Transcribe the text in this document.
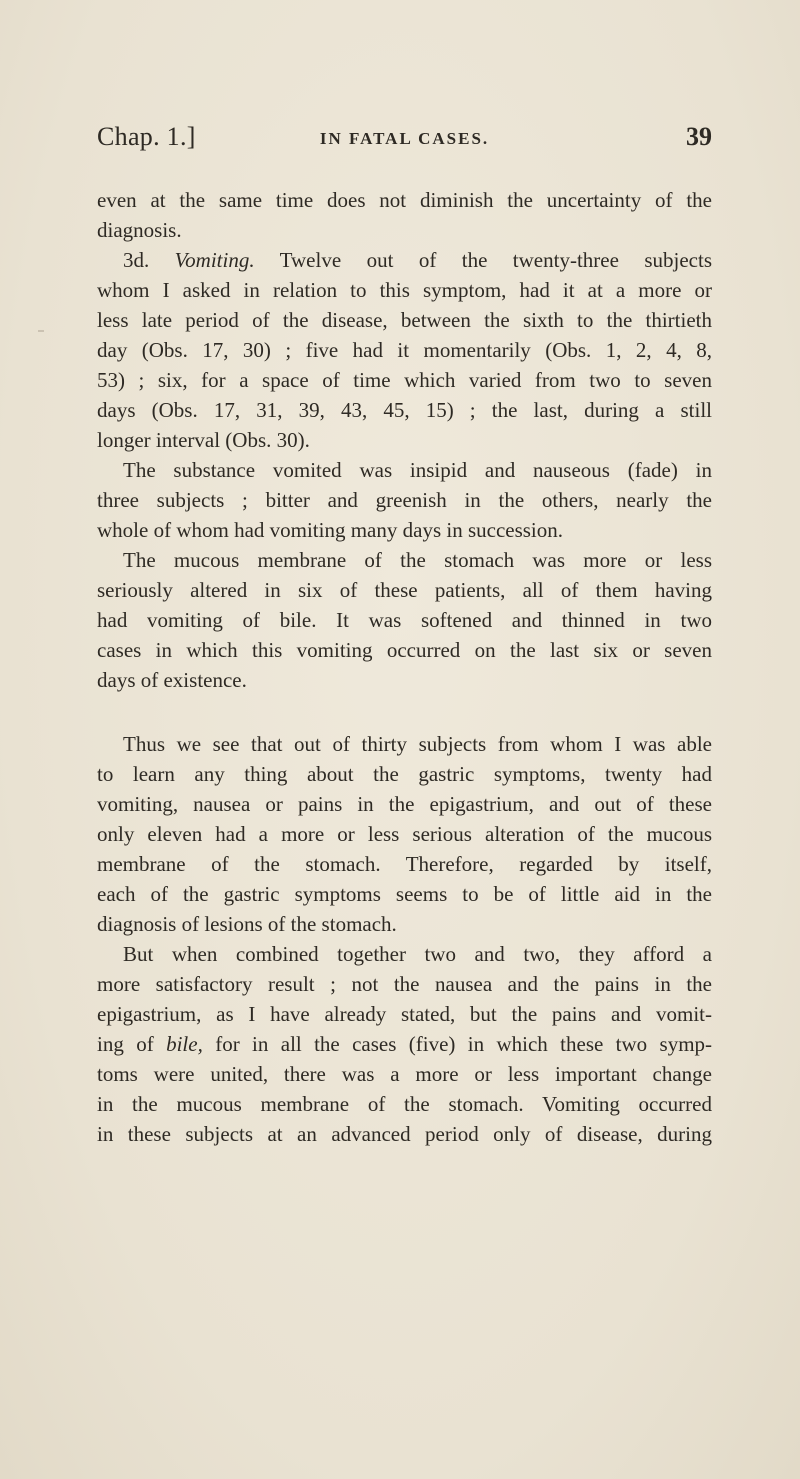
Chap. 1.]	IN FATAL CASES.	39
even at the same time does not diminish the uncertainty of the
diagnosis.
3d. Vomiting. Twelve out of the twenty-three subjects
whom I asked in relation to this symptom, had it at a more or
less late period of the disease, between the sixth to the thirtieth
day (Obs. 17, 30) ; five had it momentarily (Obs. 1, 2, 4, 8,
53) ; six, for a space of time which varied from two to seven
days (Obs. 17, 31, 39, 43, 45, 15) ; the last, during a still
longer interval (Obs. 30).
The substance vomited was insipid and nauseous (fade) in
three subjects ; bitter and greenish in the others, nearly the
whole of whom had vomiting many days in succession.
The mucous membrane of the stomach was more or less
seriously altered in six of these patients, all of them having
had vomiting of bile. It was softened and thinned in two
cases in which this vomiting occurred on the last six or seven
days of existence.
Thus we see that out of thirty subjects from whom I was able
to learn any thing about the gastric symptoms, twenty had
vomiting, nausea or pains in the epigastrium, and out of these
only eleven had a more or less serious alteration of the mucous
membrane of the stomach. Therefore, regarded by itself,
each of the gastric symptoms seems to be of little aid in the
diagnosis of lesions of the stomach.
But when combined together two and two, they afford a
more satisfactory result ; not the nausea and the pains in the
epigastrium, as I have already stated, but the pains and vomit-
ing of bile, for in all the cases (five) in which these two symp-
toms were united, there was a more or less important change
in the mucous membrane of the stomach. Vomiting occurred
in these subjects at an advanced period only of disease, during
